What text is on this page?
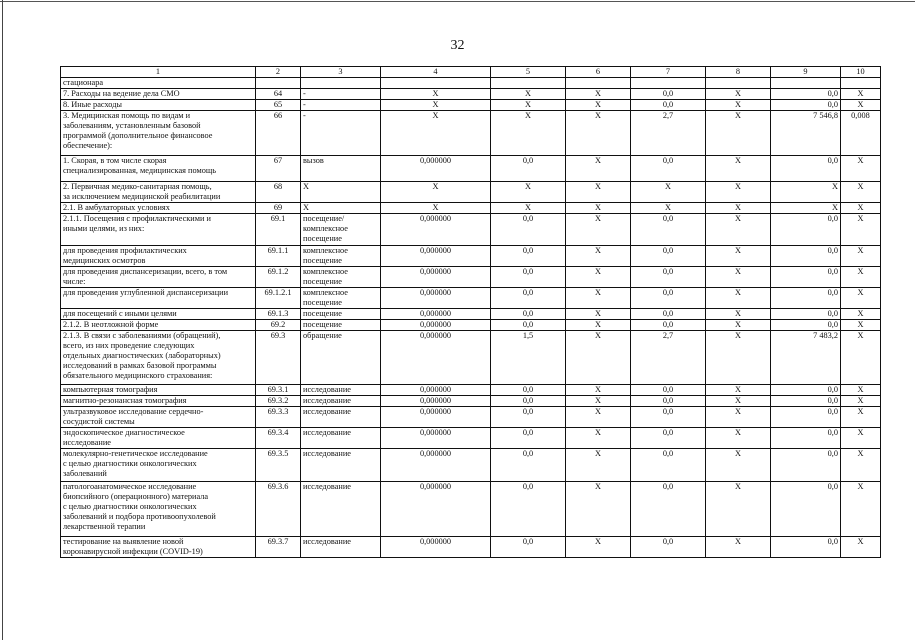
32
1	2	3	4	5	6	7	8	9	10
стационара									
7. Расходы на ведение дела СМО	64	-	X	X	X	0,0	X	0,0	X
8. Иные расходы	65	-	X	X	X	0,0	X	0,0	X
3. Медицинская помощь по видам и
заболеваниям, установленным базовой
программой (дополнительное финансовое
обеспечение):	66	-	X	X	X	2,7	X	7 546,8	0,008
1. Скорая, в том числе скорая
специализированная, медицинская помощь	67	вызов	0,000000	0,0	X	0,0	X	0,0	X
2. Первичная медико-санитарная помощь,
за исключением медицинской реабилитации	68	X	X	X	X	X	X	X	X
2.1. В амбулаторных условиях	69	X	X	X	X	X	X	X	X
2.1.1. Посещения с профилактическими и
иными целями, из них:	69.1	посещение/
комплексное
посещение	0,000000	0,0	X	0,0	X	0,0	X
для проведения профилактических
медицинских осмотров	69.1.1	комплексное
посещение	0,000000	0,0	X	0,0	X	0,0	X
для проведения диспансеризации, всего, в том
числе:	69.1.2	комплексное
посещение	0,000000	0,0	X	0,0	X	0,0	X
для проведения углубленной диспансеризации	69.1.2.1	комплексное
посещение	0,000000	0,0	X	0,0	X	0,0	X
для посещений с иными целями	69.1.3	посещение	0,000000	0,0	X	0,0	X	0,0	X
2.1.2. В неотложной форме	69.2	посещение	0,000000	0,0	X	0,0	X	0,0	X
2.1.3. В связи с заболеваниями (обращений),
всего, из них проведение следующих
отдельных диагностических (лабораторных)
исследований в рамках базовой программы
обязательного медицинского страхования:	69.3	обращение	0,000000	1,5	X	2,7	X	7 483,2	X
компьютерная томография	69.3.1	исследование	0,000000	0,0	X	0,0	X	0,0	X
магнитно-резонансная томография	69.3.2	исследование	0,000000	0,0	X	0,0	X	0,0	X
ультразвуковое исследование сердечно-
сосудистой системы	69.3.3	исследование	0,000000	0,0	X	0,0	X	0,0	X
эндоскопическое диагностическое
исследование	69.3.4	исследование	0,000000	0,0	X	0,0	X	0,0	X
молекулярно-генетическое исследование
с целью диагностики онкологических
заболеваний	69.3.5	исследование	0,000000	0,0	X	0,0	X	0,0	X
патологоанатомическое исследование
биопсийного (операционного) материала
с целью диагностики онкологических
заболеваний и подбора противоопухолевой
лекарственной терапии	69.3.6	исследование	0,000000	0,0	X	0,0	X	0,0	X
тестирование на выявление новой
коронавирусной инфекции (COVID-19)	69.3.7	исследование	0,000000	0,0	X	0,0	X	0,0	X
